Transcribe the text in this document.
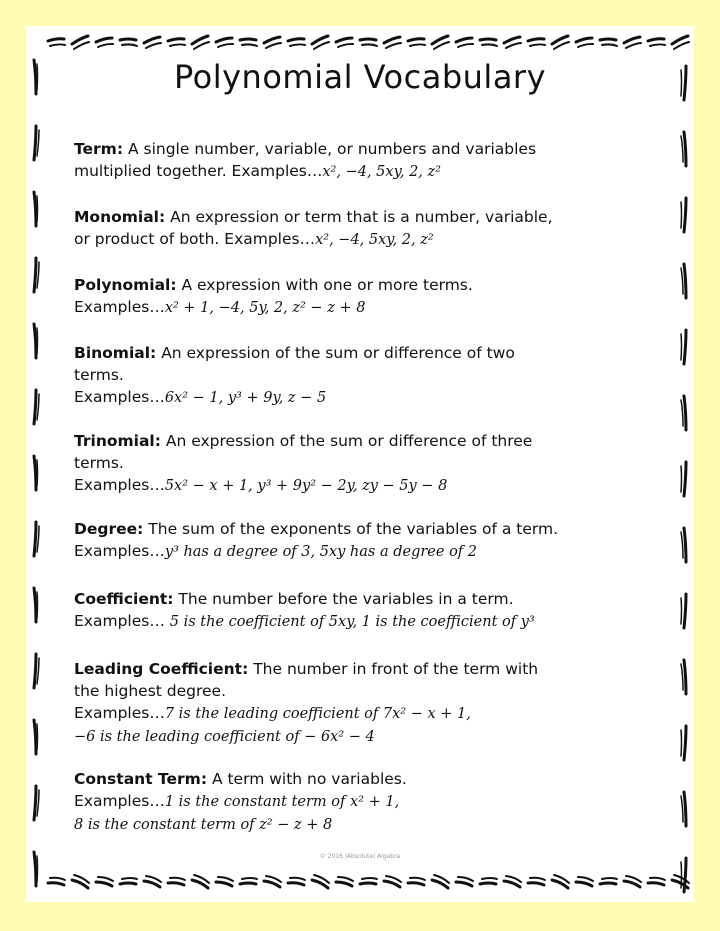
Polynomial Vocabulary
Term: A single number, variable, or numbers and variables
multiplied together. Examples…x², −4, 5xy, 2, z²
Monomial: An expression or term that is a number, variable,
or product of both. Examples…x², −4, 5xy, 2, z²
Polynomial: A expression with one or more terms.
Examples…x² + 1, −4, 5y, 2, z² − z + 8
Binomial: An expression of the sum or difference of two
terms.
Examples…6x² − 1, y³ + 9y, z − 5
Trinomial: An expression of the sum or difference of three
terms.
Examples…5x² − x + 1, y³ + 9y² − 2y, zy − 5y − 8
Degree: The sum of the exponents of the variables of a term.
Examples…y³ has a degree of 3, 5xy has a degree of 2
Coefficient: The number before the variables in a term.
Examples… 5 is the coefficient of 5xy, 1 is the coefficient of y³
Leading Coefficient: The number in front of the term with
the highest degree.
Examples…7 is the leading coefficient of 7x² − x + 1,
−6 is the leading coefficient of − 6x² − 4
Constant Term: A term with no variables.
Examples…1 is the constant term of x² + 1,
8 is the constant term of z² − z + 8
© 2016 |Absolute| Algebra
